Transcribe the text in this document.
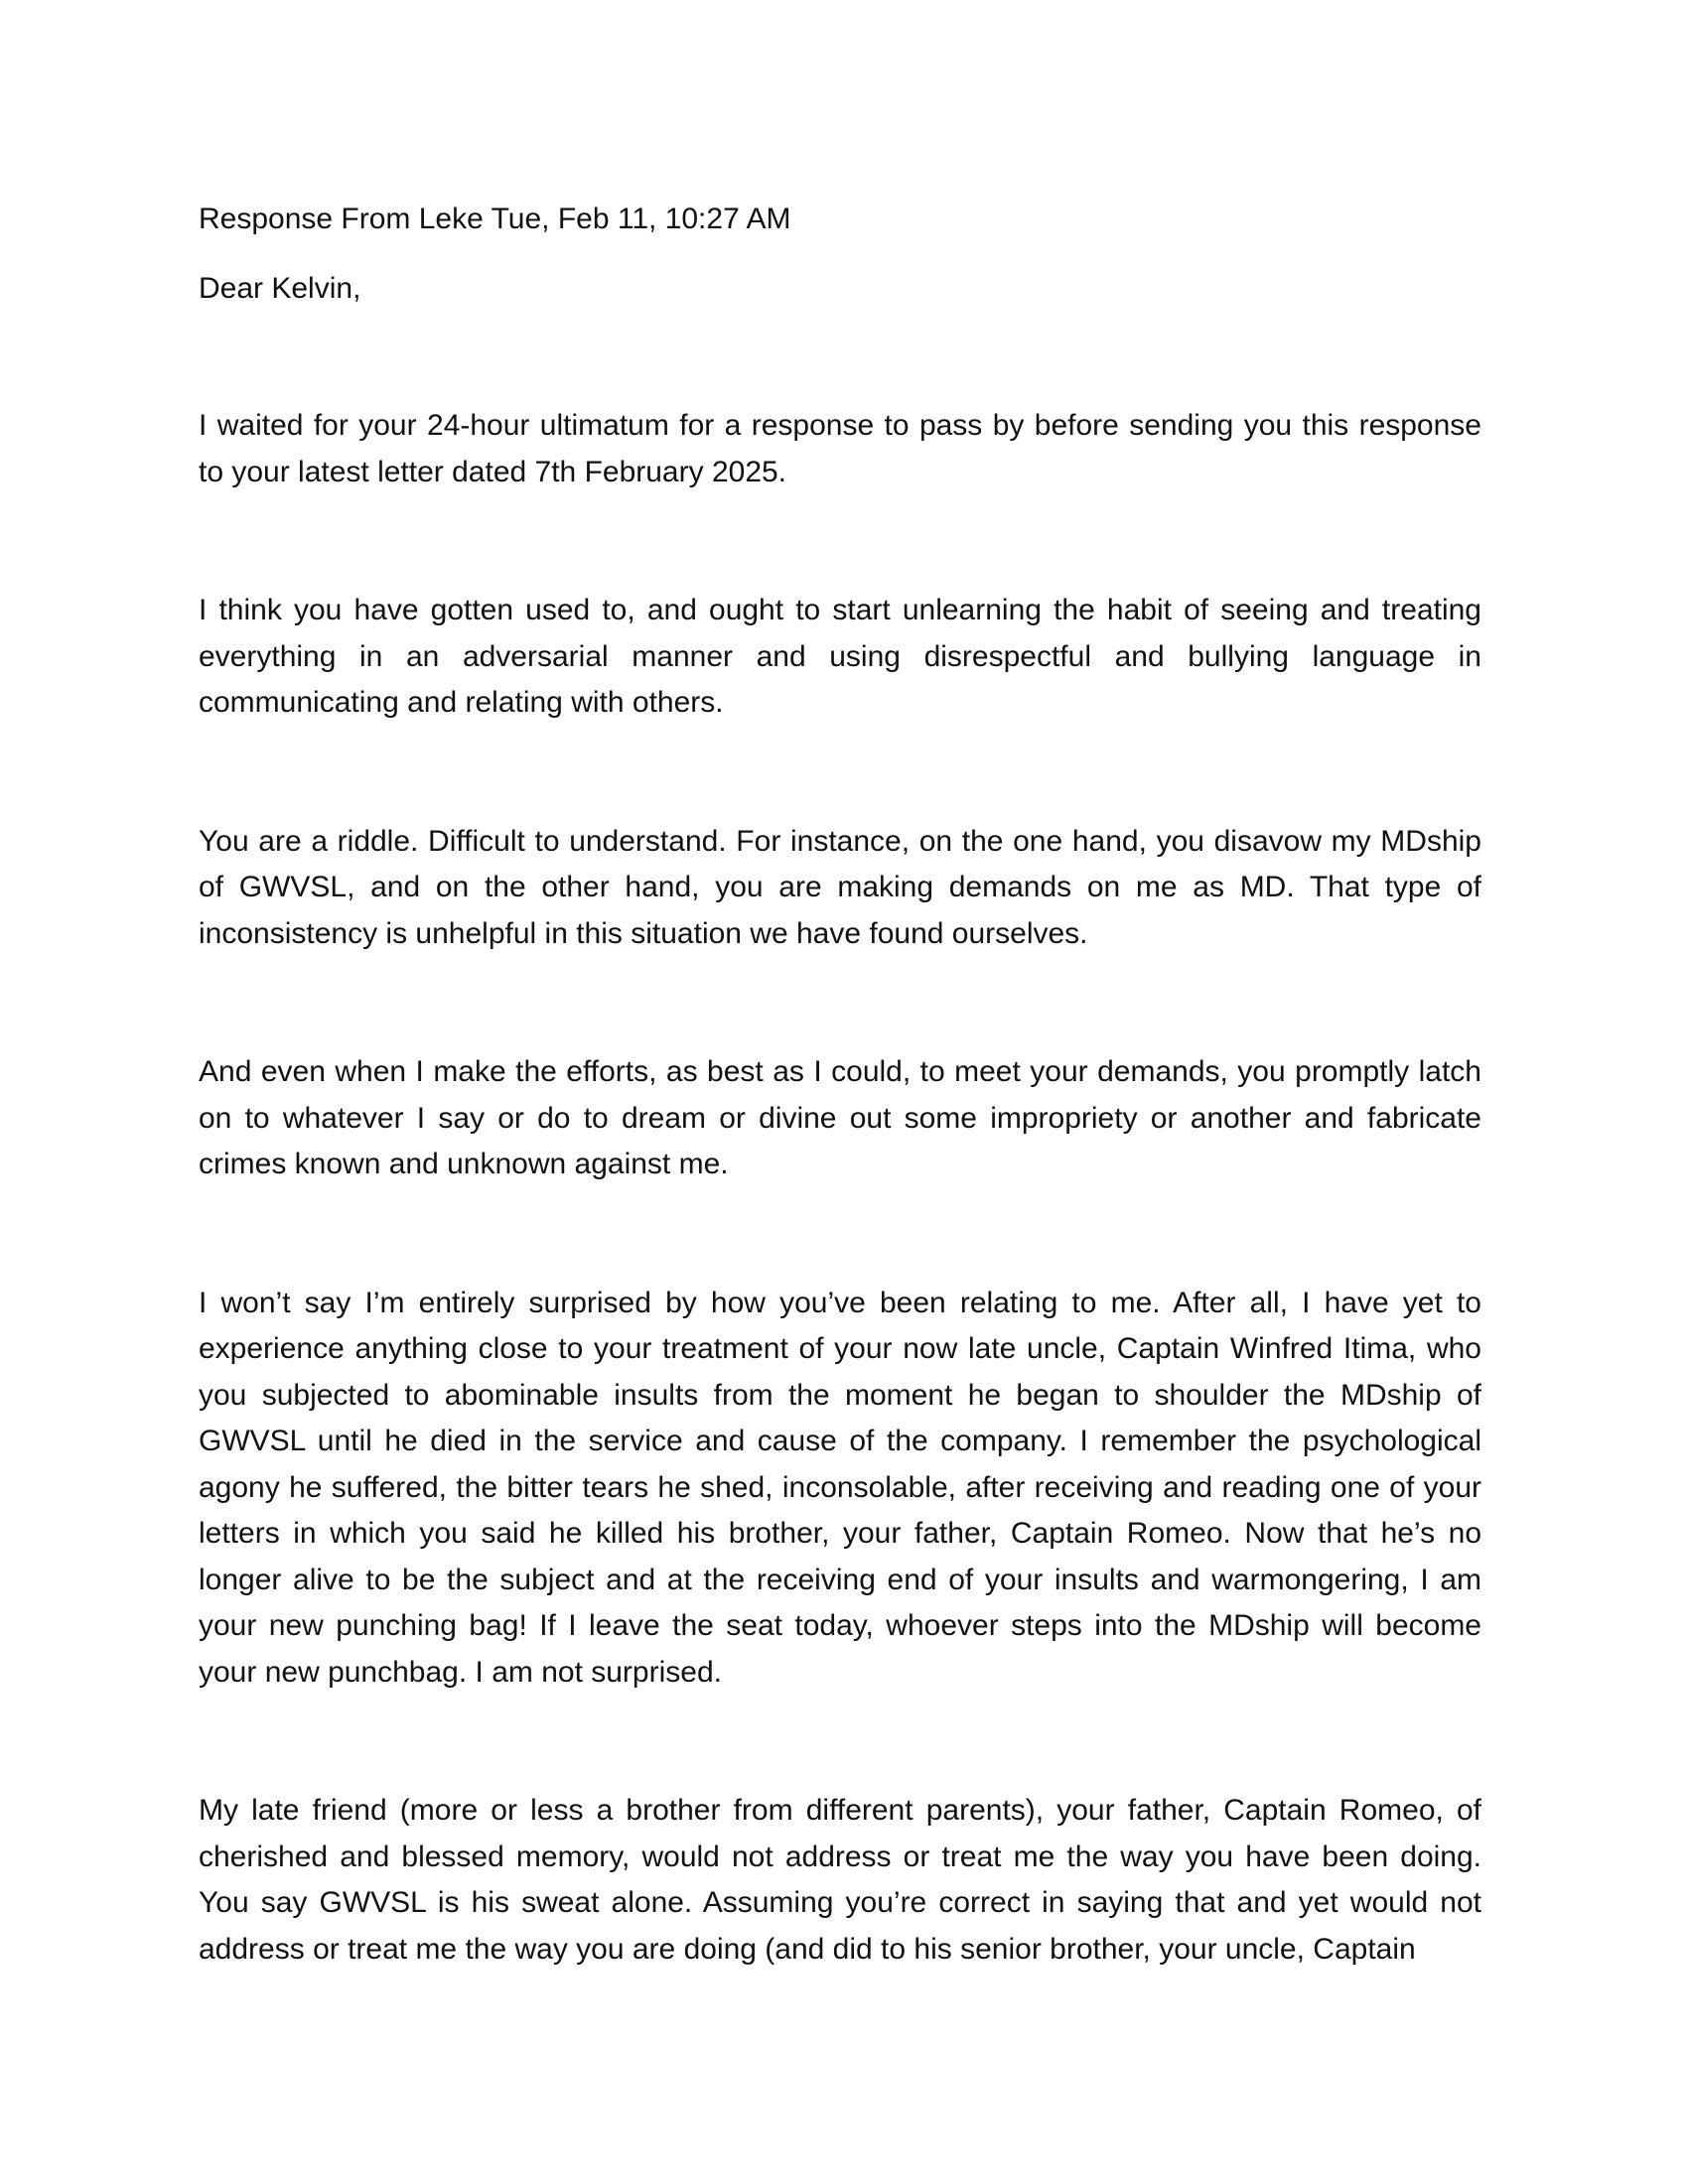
Response From Leke Tue, Feb 11, 10:27 AM

Dear Kelvin,

I waited for your 24-hour ultimatum for a response to pass by before sending you this response to your latest letter dated 7th February 2025.

I think you have gotten used to, and ought to start unlearning the habit of seeing and treating everything in an adversarial manner and using disrespectful and bullying language in communicating and relating with others.

You are a riddle. Difficult to understand. For instance, on the one hand, you disavow my MDship of GWVSL, and on the other hand, you are making demands on me as MD. That type of inconsistency is unhelpful in this situation we have found ourselves.

And even when I make the efforts, as best as I could, to meet your demands, you promptly latch on to whatever I say or do to dream or divine out some impropriety or another and fabricate crimes known and unknown against me.

I won’t say I’m entirely surprised by how you’ve been relating to me. After all, I have yet to experience anything close to your treatment of your now late uncle, Captain Winfred Itima, who you subjected to abominable insults from the moment he began to shoulder the MDship of GWVSL until he died in the service and cause of the company. I remember the psychological agony he suffered, the bitter tears he shed, inconsolable, after receiving and reading one of your letters in which you said he killed his brother, your father, Captain Romeo. Now that he’s no longer alive to be the subject and at the receiving end of your insults and warmongering, I am your new punching bag! If I leave the seat today, whoever steps into the MDship will become your new punchbag. I am not surprised.

My late friend (more or less a brother from different parents), your father, Captain Romeo, of cherished and blessed memory, would not address or treat me the way you have been doing. You say GWVSL is his sweat alone. Assuming you’re correct in saying that and yet would not address or treat me the way you are doing (and did to his senior brother, your uncle, Captain
